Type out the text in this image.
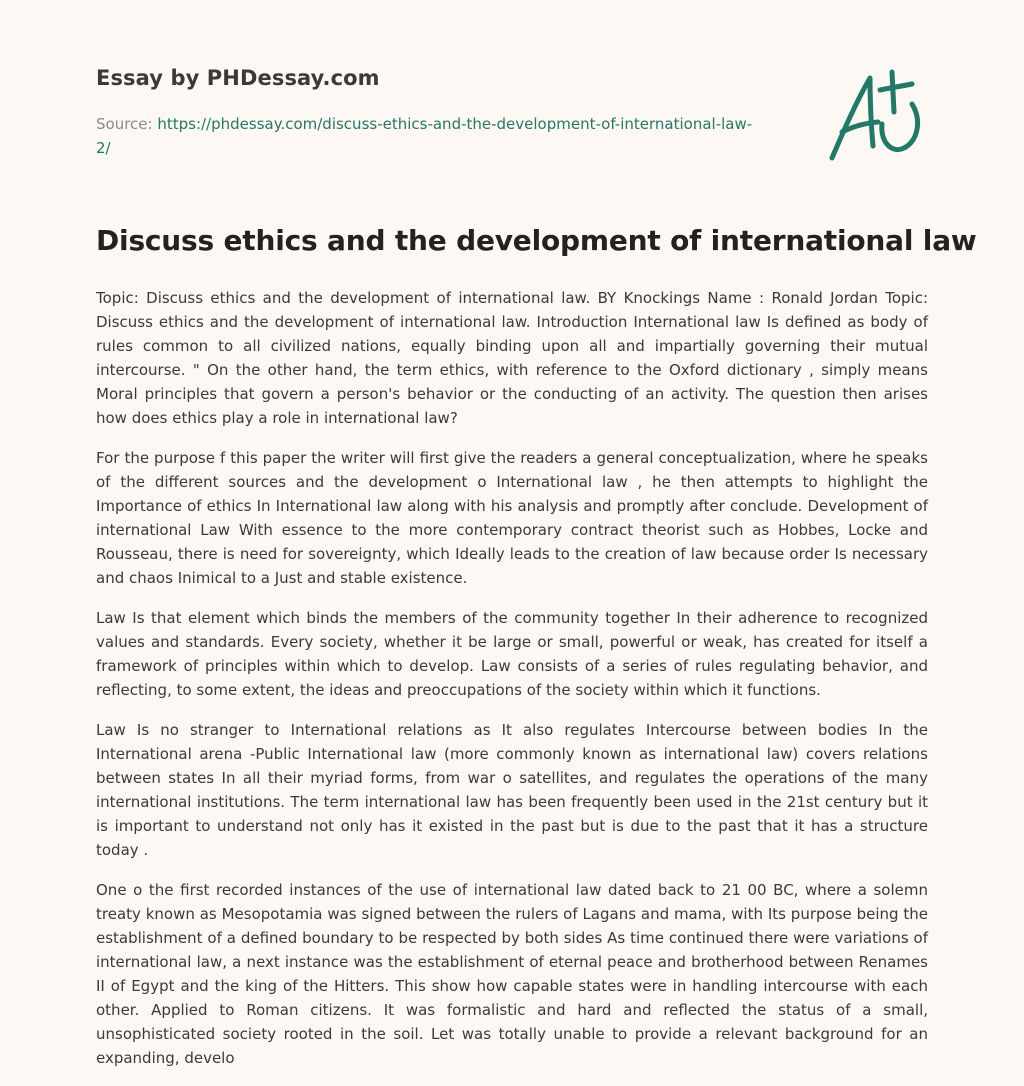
Essay by PHDessay.com
Source: https://phdessay.com/discuss-ethics-and-the-development-of-international-law-2/
Discuss ethics and the development of international law

Topic: Discuss ethics and the development of international law. BY Knockings Name : Ronald Jordan Topic: Discuss ethics and the development of international law. Introduction International law Is defined as body of rules common to all civilized nations, equally binding upon all and impartially governing their mutual intercourse. " On the other hand, the term ethics, with reference to the Oxford dictionary , simply means Moral principles that govern a person's behavior or the conducting of an activity. The question then arises how does ethics play a role in international law?

For the purpose f this paper the writer will first give the readers a general conceptualization, where he speaks of the different sources and the development o International law , he then attempts to highlight the Importance of ethics In International law along with his analysis and promptly after conclude. Development of international Law With essence to the more contemporary contract theorist such as Hobbes, Locke and Rousseau, there is need for sovereignty, which Ideally leads to the creation of law because order Is necessary and chaos Inimical to a Just and stable existence.

Law Is that element which binds the members of the community together In their adherence to recognized values and standards. Every society, whether it be large or small, powerful or weak, has created for itself a framework of principles within which to develop. Law consists of a series of rules regulating behavior, and reflecting, to some extent, the ideas and preoccupations of the society within which it functions.

Law Is no stranger to International relations as It also regulates Intercourse between bodies In the International arena -Public International law (more commonly known as international law) covers relations between states In all their myriad forms, from war o satellites, and regulates the operations of the many international institutions. The term international law has been frequently been used in the 21st century but it is important to understand not only has it existed in the past but is due to the past that it has a structure today .

One o the first recorded instances of the use of international law dated back to 21 00 BC, where a solemn treaty known as Mesopotamia was signed between the rulers of Lagans and mama, with Its purpose being the establishment of a defined boundary to be respected by both sides As time continued there were variations of international law, a next instance was the establishment of eternal peace and brotherhood between Renames II of Egypt and the king of the Hitters. This show how capable states were in handling intercourse with each other. Applied to Roman citizens. It was formalistic and hard and reflected the status of a small, unsophisticated society rooted in the soil. Let was totally unable to provide a relevant background for an expanding, develo
